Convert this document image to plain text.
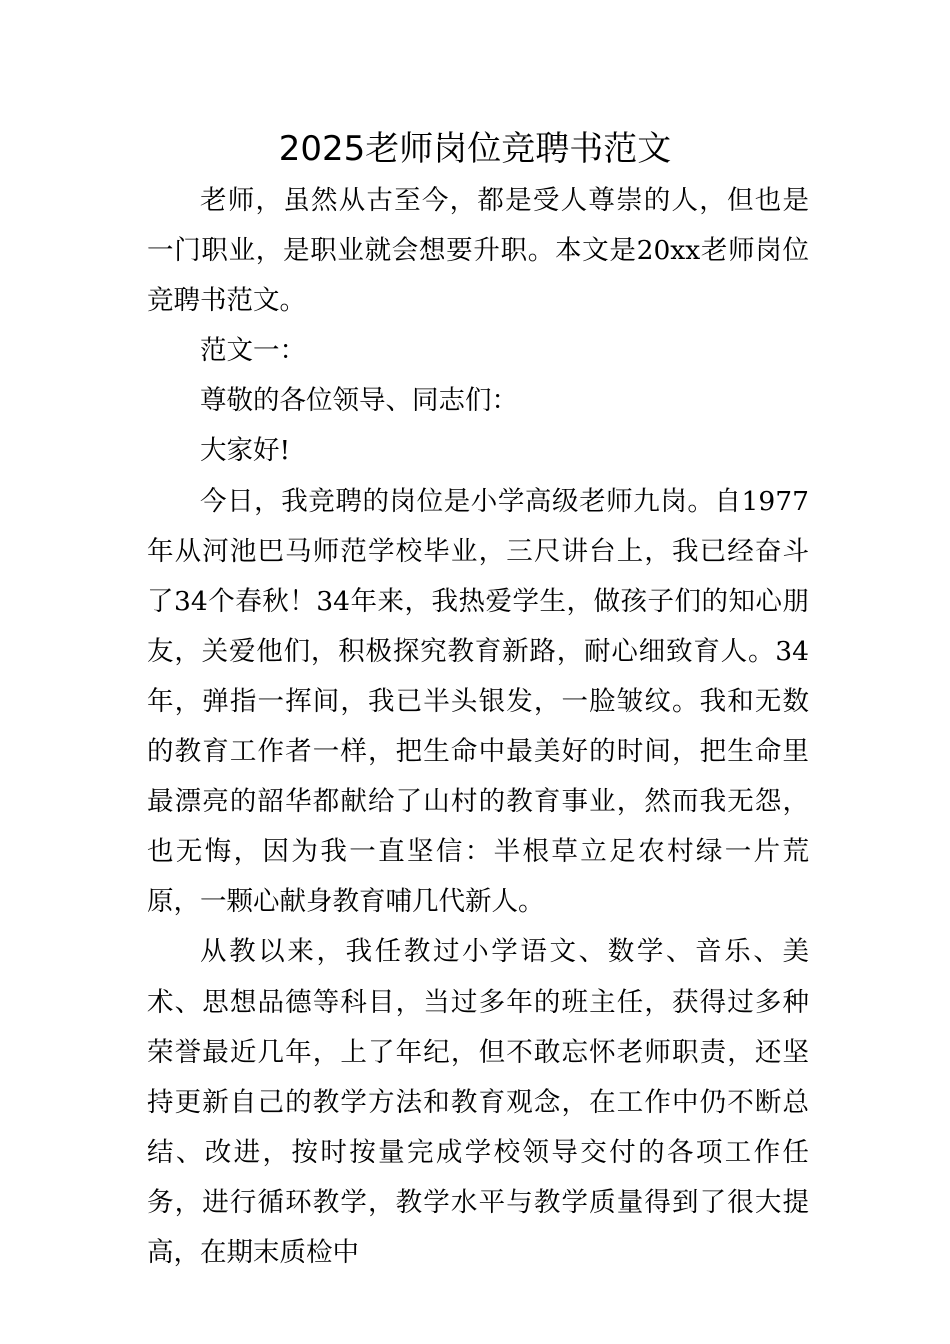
2025老师岗位竞聘书范文

老师，虽然从古至今，都是受人尊崇的人，但也是一门职业，是职业就会想要升职。本文是20xx老师岗位竞聘书范文。

范文一：

尊敬的各位领导、同志们：

大家好!

今日，我竞聘的岗位是小学高级老师九岗。自1977年从河池巴马师范学校毕业，三尺讲台上，我已经奋斗了34个春秋！34年来，我热爱学生，做孩子们的知心朋友，关爱他们，积极探究教育新路，耐心细致育人。34年，弹指一挥间，我已半头银发，一脸皱纹。我和无数的教育工作者一样，把生命中最美好的时间，把生命里最漂亮的韶华都献给了山村的教育事业，然而我无怨，也无悔，因为我一直坚信：半根草立足农村绿一片荒原，一颗心献身教育哺几代新人。

从教以来，我任教过小学语文、数学、音乐、美术、思想品德等科目，当过多年的班主任，获得过多种荣誉最近几年，上了年纪，但不敢忘怀老师职责，还坚持更新自己的教学方法和教育观念，在工作中仍不断总结、改进，按时按量完成学校领导交付的各项工作任务，进行循环教学，教学水平与教学质量得到了很大提高，在期末质检中
